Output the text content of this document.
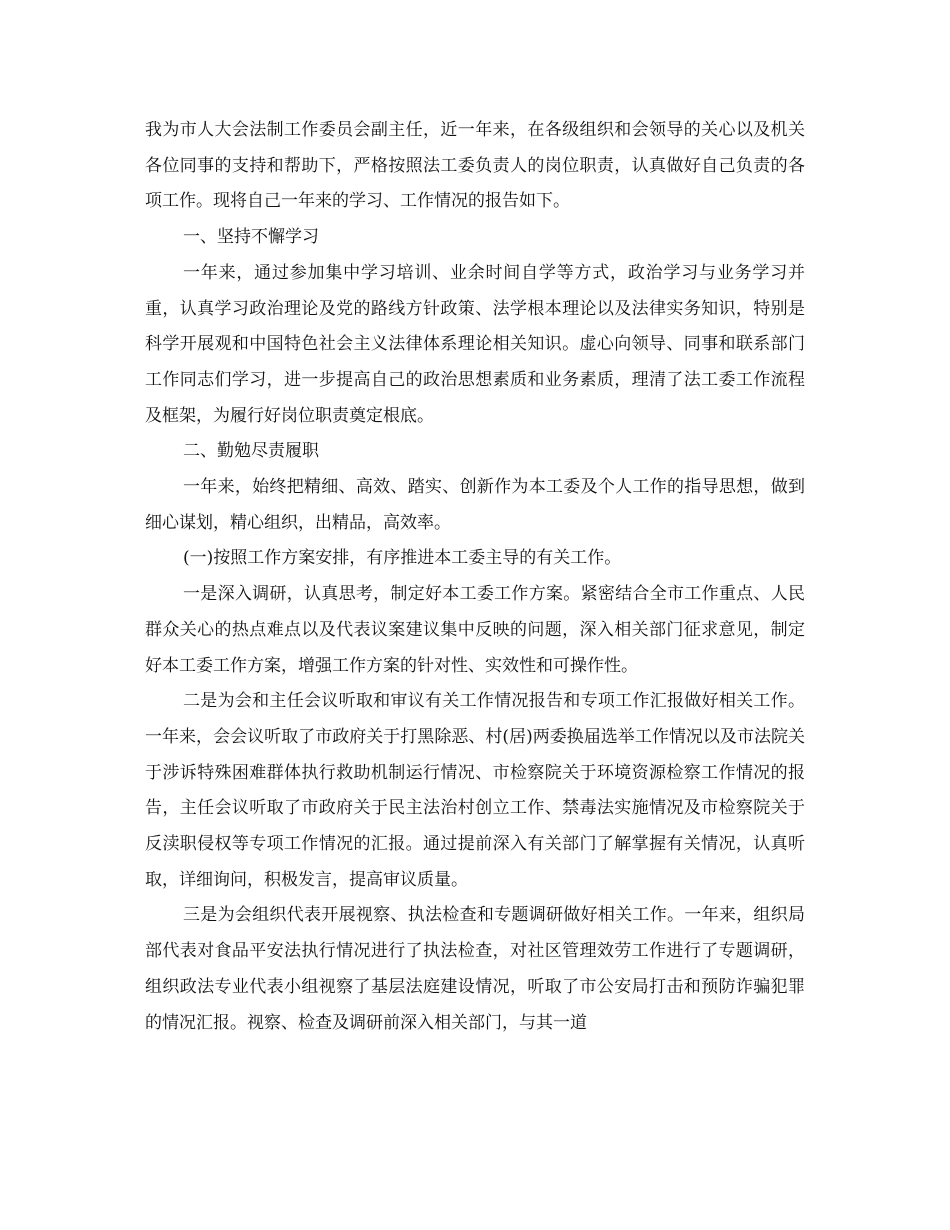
我为市人大会法制工作委员会副主任，近一年来，在各级组织和会领导的关心以及机关各位同事的支持和帮助下，严格按照法工委负责人的岗位职责，认真做好自己负责的各项工作。现将自己一年来的学习、工作情况的报告如下。

一、坚持不懈学习

一年来，通过参加集中学习培训、业余时间自学等方式，政治学习与业务学习并重，认真学习政治理论及党的路线方针政策、法学根本理论以及法律实务知识，特别是科学开展观和中国特色社会主义法律体系理论相关知识。虚心向领导、同事和联系部门工作同志们学习，进一步提高自己的政治思想素质和业务素质，理清了法工委工作流程及框架，为履行好岗位职责奠定根底。

二、勤勉尽责履职

一年来，始终把精细、高效、踏实、创新作为本工委及个人工作的指导思想，做到细心谋划，精心组织，出精品，高效率。

(一)按照工作方案安排，有序推进本工委主导的有关工作。

一是深入调研，认真思考，制定好本工委工作方案。紧密结合全市工作重点、人民群众关心的热点难点以及代表议案建议集中反映的问题，深入相关部门征求意见，制定好本工委工作方案，增强工作方案的针对性、实效性和可操作性。

二是为会和主任会议听取和审议有关工作情况报告和专项工作汇报做好相关工作。一年来，会会议听取了市政府关于打黑除恶、村(居)两委换届选举工作情况以及市法院关于涉诉特殊困难群体执行救助机制运行情况、市检察院关于环境资源检察工作情况的报告，主任会议听取了市政府关于民主法治村创立工作、禁毒法实施情况及市检察院关于反渎职侵权等专项工作情况的汇报。通过提前深入有关部门了解掌握有关情况，认真听取，详细询问，积极发言，提高审议质量。

三是为会组织代表开展视察、执法检查和专题调研做好相关工作。一年来，组织局部代表对食品平安法执行情况进行了执法检查，对社区管理效劳工作进行了专题调研，组织政法专业代表小组视察了基层法庭建设情况，听取了市公安局打击和预防诈骗犯罪的情况汇报。视察、检查及调研前深入相关部门，与其一道
